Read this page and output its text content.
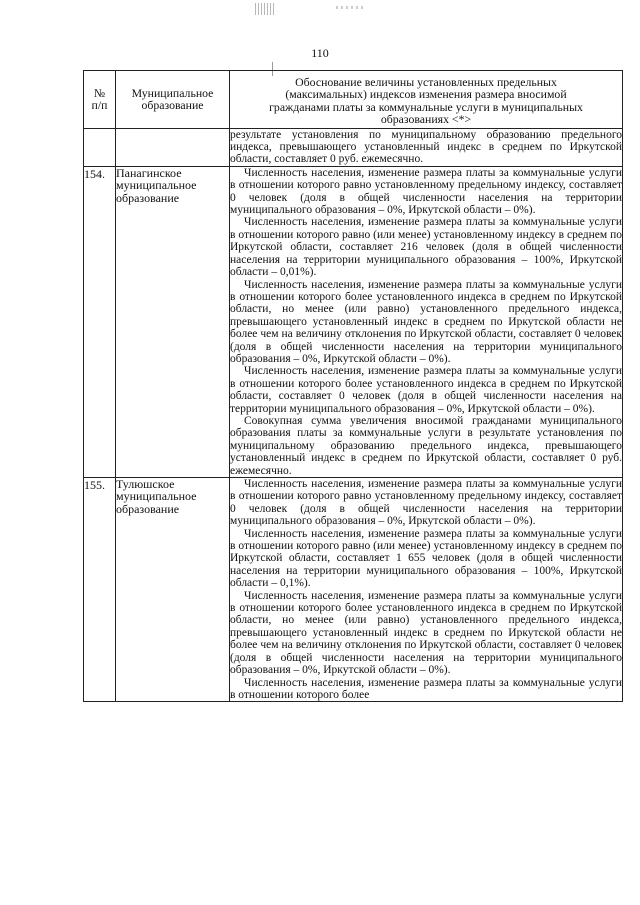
110
№ п/п	Муниципальное образование	Обоснование величины установленных предельных (максимальных) индексов изменения размера вносимой гражданами платы за коммунальные услуги в муниципальных образованиях <*>

		результате установления по муниципальному образованию предельного индекса, превышающего установленный индекс в среднем по Иркутской области, составляет 0 руб. ежемесячно.

154.	Панагинское муниципальное образование	Численность населения, изменение размера платы за коммунальные услуги в отношении которого равно установленному предельному индексу, составляет 0 человек (доля в общей численности населения на территории муниципального образования – 0%, Иркутской области – 0%).

Численность населения, изменение размера платы за коммунальные услуги в отношении которого равно (или менее) установленному индексу в среднем по Иркутской области, составляет 216 человек (доля в общей численности населения на территории муниципального образования – 100%, Иркутской области – 0,01%).

Численность населения, изменение размера платы за коммунальные услуги в отношении которого более установленного индекса в среднем по Иркутской области, но менее (или равно) установленного предельного индекса, превышающего установленный индекс в среднем по Иркутской области не более чем на величину отклонения по Иркутской области, составляет 0 человек (доля в общей численности населения на территории муниципального образования – 0%, Иркутской области – 0%).

Численность населения, изменение размера платы за коммунальные услуги в отношении которого более установленного индекса в среднем по Иркутской области, составляет 0 человек (доля в общей численности населения на территории муниципального образования – 0%, Иркутской области – 0%).

Совокупная сумма увеличения вносимой гражданами муниципального образования платы за коммунальные услуги в результате установления по муниципальному образованию предельного индекса, превышающего установленный индекс в среднем по Иркутской области, составляет 0 руб. ежемесячно.

155.	Тулюшское муниципальное образование	Численность населения, изменение размера платы за коммунальные услуги в отношении которого равно установленному предельному индексу, составляет 0 человек (доля в общей численности населения на территории муниципального образования – 0%, Иркутской области – 0%).

Численность населения, изменение размера платы за коммунальные услуги в отношении которого равно (или менее) установленному индексу в среднем по Иркутской области, составляет 1 655 человек (доля в общей численности населения на территории муниципального образования – 100%, Иркутской области – 0,1%).

Численность населения, изменение размера платы за коммунальные услуги в отношении которого более установленного индекса в среднем по Иркутской области, но менее (или равно) установленного предельного индекса, превышающего установленный индекс в среднем по Иркутской области не более чем на величину отклонения по Иркутской области, составляет 0 человек (доля в общей численности населения на территории муниципального образования – 0%, Иркутской области – 0%).

Численность населения, изменение размера платы за коммунальные услуги в отношении которого более
